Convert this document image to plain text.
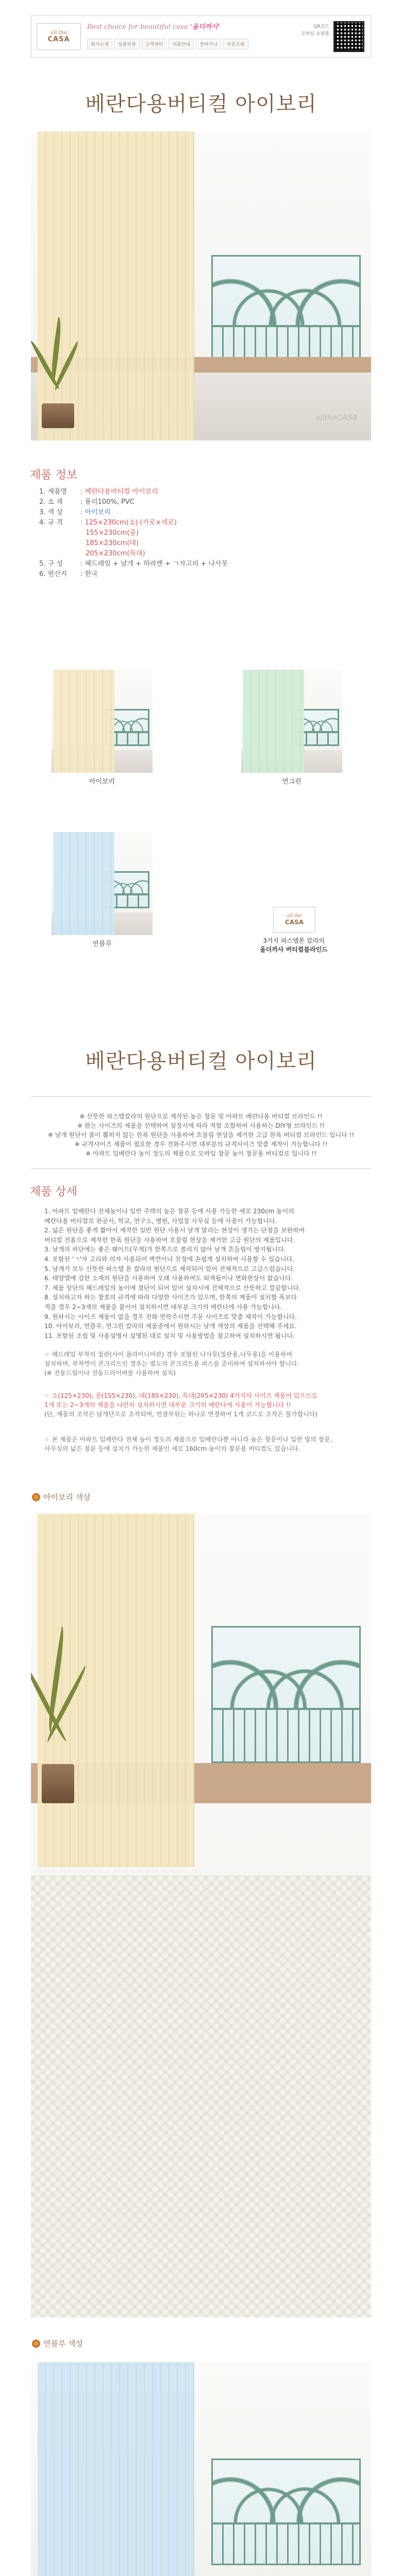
all the
CASA
Best choice for beautiful casa '올더까사'
회사소개	상품목록	고객센터	이용안내	장바구니	주문조회
QR코드
모바일 쇼핑몰
베란다용버티컬 아이보리
alltheCASA
제품 정보
1. 제품명	: 베란다용버티컬 아이보리
2. 소 재	: 폴리100%, PVC
3. 색 상	: 아이보리
4. 규 격	: 125×230cm(소) (가로×세로)
155×230cm(중)
185×230cm(대)
205×230cm(특대)
5. 구 성	: 헤드레일 + 날개 + 하라켄 + ㄱ자고리 + 나사못
6. 원산지	: 한국
아이보리	연그린
연블루
all the
CASA
3가지 파스텔톤 칼라의
올더까사 버티컬블라인드
베란다용버티컬 아이보리
※ 산뜻한 파스텔칼라의 원단으로 제작된 높은 창문 및 아파트 베란다용 버티컬 브라인드 !!
※ 밝는 사이즈의 제품을 선택하여 설정시에 따라 적합 조합하여 사용하는 DIY형 브라인드 !!
※ 날개 원단이 풀이 뽑히지 않는 한폭 원단을 사용하여 흐물림 현상을 제거한 고급 한폭 버티컬 브라인드 입니다 !!
※ 규격사이즈 제품이 필요한 경우 전화주시면 대부분의 규격사이즈 맞춤 제작이 가능합니다 !!
※ 아파트 입베란다 높이 정도의 제품으로 모바일 창문 높이 창문용 버티컬로 입니다 !!
제품 상세
1. 아파트 입베란다 전체높이나 일반 주택의 높은 창문 등에 사용 가능한 세로 230cm 높이의
베란다용 버티컬로 관공서, 학교, 연구소, 병원, 사업장 사무실 등에 사용이 가능합니다.
2. 넓은 원단을 좋게 짧아서 제작한 일반 원단 사용시 날개 말리는 현상이 생기는 단점을 보완하여
버티컬 전용으로 제작한 한폭 원단을 사용하여 흐물림 현상을 제거한 고급 원단의 제품입니다.
3. 날개의 하단에는 좋은 웨이트(무게)가 한쪽으로 쏠리지 않아 날개 흔들림이 방지됩니다.
4. 포함된 'ㄱ'자 고리와 의자 사용되어 벽면이나 천정에 손쉽게 설치하여 사용할 수 있습니다.
5. 날개가 모두 산뜻한 파스텔 톤 칼라의 원단으로 제작되어 있어 전체적으로 고급스럽습니다.
6. 태양열에 강한 소재의 원단을 사용하여 오래 사용하여도 퇴색됨이나 변화현상이 없습니다.
7. 제품 상단의 헤드레일의 높이에 절단이 되어 있어 설치시에 전체적으로 산뜻하고 깔끔합니다.
8. 설치하고자 하는 창호의 규격에 따라 다양한 사이즈가 있으며, 한쪽의 제품이 설치할 폭보다
적을 경우 2~3개의 제품을 붙이어 설치하시면 대부분 크기의 베란다에 사용 가능합니다.
9. 원하시는 사이즈 제품이 없을 경우 전화 연락주시면 주문 사이즈로 맞춤 제작이 가능합니다.
10. 아이보리, 연블루, 연그린 칼라의 제품중에서 원하시는 날개 색상의 제품을 선택해 주세요.
11. 포함된 조립 및 사용설명서 설명된 대로 설치 및 사용방법을 참고하여 설치하시면 됩니다.
☞ 헤드레일 부착의 철판(사이 플라이니아판) 경우 포함된 나사못(철판용,나무용)을 이용하여
설치하며, 부착면이 콘크리트인 경우는 별도의 콘크리트용 피스를 준비하여 설치하셔야 합니다.
(※ 전동드릴이나 전동드라이버를 사용하여 설치)
☞ 소(125×230), 중(155×230), 대(185×230), 특대(205×230) 4가지의 사이즈 제품이 있으므로
1개 또는 2~3개의 제품을 나란히 설치하시면 대부분 크기의 베란다에 사용이 가능합니다 !!
(단, 제품의 조작은 날개단으로 조작되며, 연결부위는 하나로 연결하여 1개 코드로 조작은 불가합니다)
☞ 본 제품은 아파트 입베란다 전체 높이 정도의 제품으로 입베란다뿐 아니라 높은 창문이나 일반 빛의 창문,
사무실의 넓은 창문 등에 설치가 가능한 제품인 세로 160cm 높이의 창문용 버티컬도 있습니다.
아이보리 색상
연블루 색상
